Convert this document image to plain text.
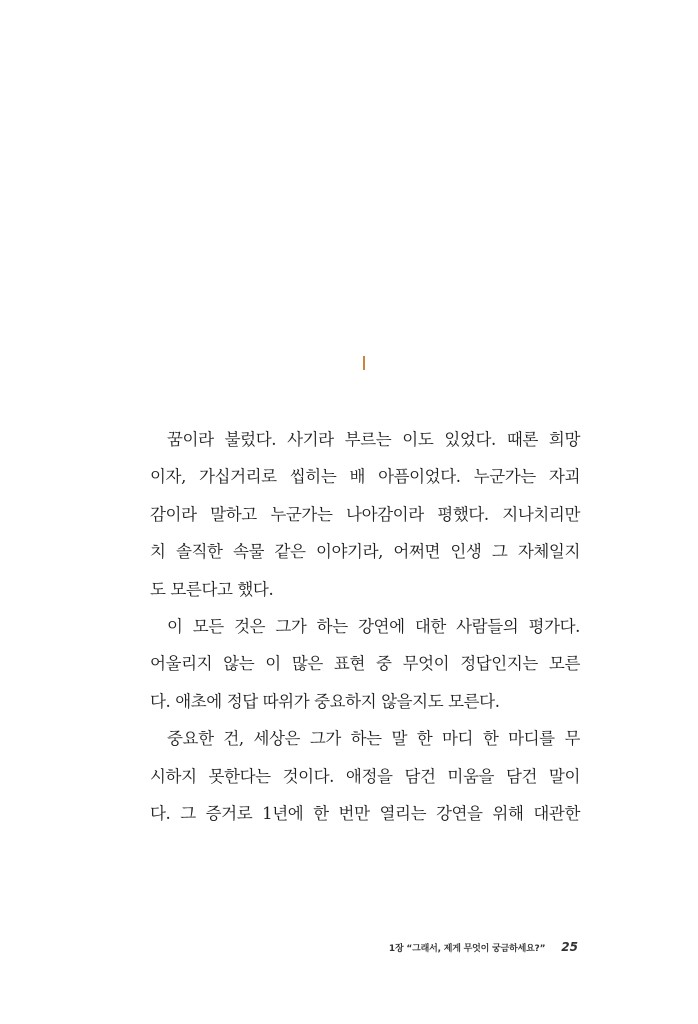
꿈이라 불렀다. 사기라 부르는 이도 있었다. 때론 희망
이자, 가십거리로 씹히는 배 아픔이었다. 누군가는 자괴
감이라 말하고 누군가는 나아감이라 평했다. 지나치리만
치 솔직한 속물 같은 이야기라, 어쩌면 인생 그 자체일지
도 모른다고 했다.
이 모든 것은 그가 하는 강연에 대한 사람들의 평가다.
어울리지 않는 이 많은 표현 중 무엇이 정답인지는 모른
다. 애초에 정답 따위가 중요하지 않을지도 모른다.
중요한 건, 세상은 그가 하는 말 한 마디 한 마디를 무
시하지 못한다는 것이다. 애정을 담건 미움을 담건 말이
다. 그 증거로 1년에 한 번만 열리는 강연을 위해 대관한
1장 “그래서, 제게 무엇이 궁금하세요?” 25
